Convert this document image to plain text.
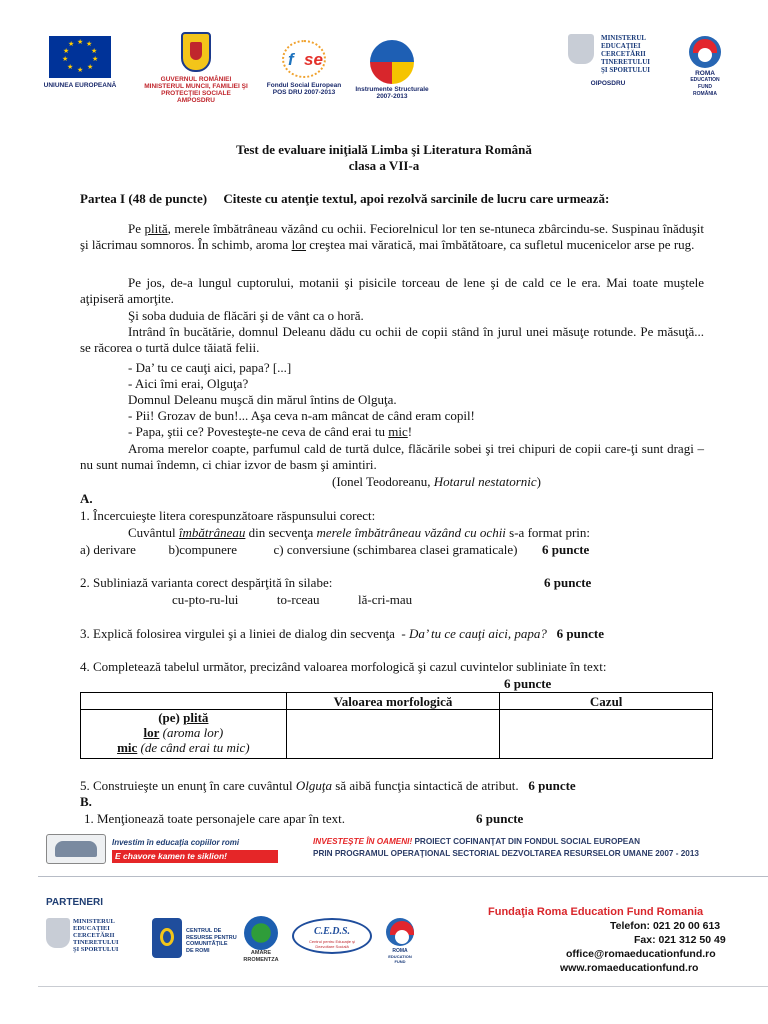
★ ★
★
★
★
★
★
★
★
★
UNIUNEA EUROPEANĂ
GUVERNUL ROMÂNIEI
MINISTERUL MUNCII, FAMILIEI ŞI
PROTECŢIEI SOCIALE
AMPOSDRU
f se
Fondul Social European
POS DRU 2007-2013	Instrumente Structurale
2007-2013
MINISTERUL
EDUCAŢIEI
CERCETĂRII
TINERETULUI
ŞI SPORTULUI
OIPOSDRU
ROMA
EDUCATION
FUND
ROMÂNIA
Test de evaluare iniţială Limba şi Literatura Română
clasa a VII-a
Partea I (48 de puncte) Citeste cu atenţie textul, apoi rezolvă sarcinile de lucru care urmează:
Pe plită, merele îmbătrâneau văzând cu ochii. Feciorelnicul lor ten se-ntuneca zbârcindu-se. Suspinau înăduşit şi lăcrimau somnoros. În schimb, aroma lor creştea mai văratică, mai îmbătătoare, ca sufletul mucenicelor arse pe rug.
Pe jos, de-a lungul cuptorului, motanii şi pisicile torceau de lene şi de cald ce le era. Mai toate muştele aţipiseră amorţite.
Şi soba duduia de flăcări şi de vânt ca o horă.
Intrând în bucătărie, domnul Deleanu dădu cu ochii de copii stând în jurul unei măsuţe rotunde. Pe măsuţă... se răcorea o turtă dulce tăiată felii.
- Da’ tu ce cauţi aici, papa? [...]
- Aici îmi erai, Olguţa?
Domnul Deleanu muşcă din mărul întins de Olguţa.
- Pii! Grozav de bun!... Aşa ceva n-am mâncat de când eram copil!
- Papa, ştii ce? Povesteşte-ne ceva de când erai tu mic!
Aroma merelor coapte, parfumul cald de turtă dulce, flăcările sobei şi trei chipuri de copii care-ţi sunt dragi – nu sunt numai îndemn, ci chiar izvor de basm şi amintiri.
(Ionel Teodoreanu, Hotarul nestatornic)
A.
1. Încercuieşte litera corespunzătoare răspunsului corect:
Cuvântul îmbătrâneau din secvenţa merele îmbătrâneau văzând cu ochii s-a format prin:
a) derivare	b)compunere	c) conversiune (schimbarea clasei gramaticale) 6 puncte
2. Subliniază varianta corect despărţită în silabe:	6 puncte
cu-pto-ru-lui	to-rceau	lă-cri-mau
3. Explică folosirea virgulei şi a liniei de dialog din secvenţa - Da’ tu ce cauţi aici, papa? 6 puncte
4. Completează tabelul următor, precizând valoarea morfologică şi cazul cuvintelor subliniate în text:
6 puncte
	Valoarea morfologică	Cazul

(pe) plită
lor (aroma lor)
mic (de când erai tu mic)		

5. Construieşte un enunţ în care cuvântul Olguţa să aibă funcţia sintactică de atribut. 6 puncte
B.
1. Menţionează toate personajele care apar în text.	6 puncte
Investim în educaţia copiilor romi
E chavore kamen te siklion!
INVESTEŞTE ÎN OAMENI! PROIECT COFINANŢAT DIN FONDUL SOCIAL EUROPEAN
PRIN PROGRAMUL OPERAŢIONAL SECTORIAL DEZVOLTAREA RESURSELOR UMANE 2007 - 2013
PARTENERI
MINISTERUL
EDUCAŢIEI
CERCETĂRII
TINERETULUI
ŞI SPORTULUI
CENTRUL DE
RESURSE PENTRU
COMUNITĂŢILE
DE ROMI	AMARE
RROMENTZA
C.E.D.S.
Centrul pentru Educaţie şi Dezvoltare Socială
ROMA
EDUCATION
FUND
Fundaţia Roma Education Fund Romania
Telefon: 021 20 00 613
Fax: 021 312 50 49
office@romaeducationfund.ro
www.romaeducationfund.ro
